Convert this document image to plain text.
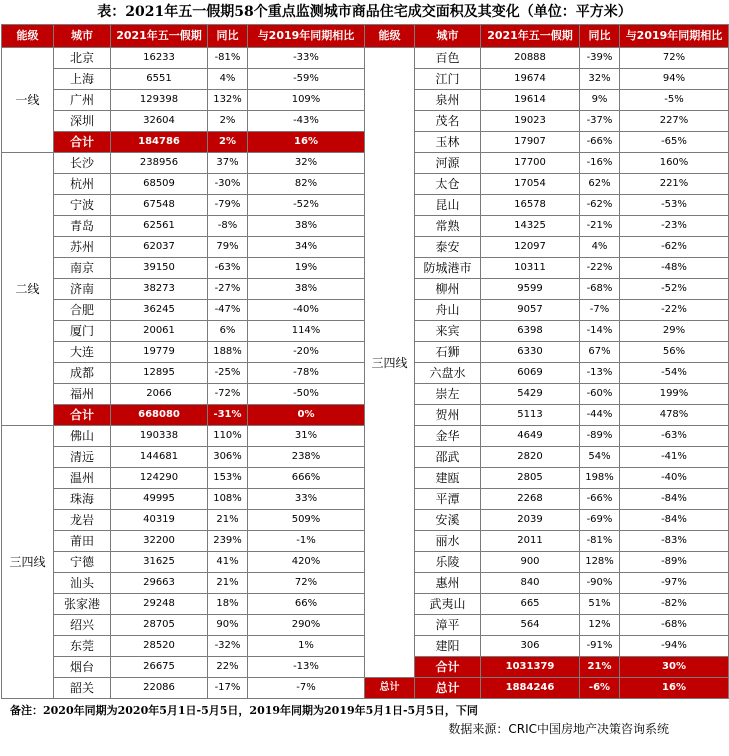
表：2021年五一假期58个重点监测城市商品住宅成交面积及其变化（单位：平方米）
能级	城市	2021年五一假期	同比	与2019年同期相比	能级	城市	2021年五一假期	同比	与2019年同期相比
一线	北京	16233	-81%	-33%	三四线	百色	20888	-39%	72%
	上海	6551	4%	-59%		江门	19674	32%	94%
	广州	129398	132%	109%		泉州	19614	9%	-5%
	深圳	32604	2%	-43%		茂名	19023	-37%	227%
	合计	184786	2%	16%		玉林	17907	-66%	-65%
二线	长沙	238956	37%	32%		河源	17700	-16%	160%
	杭州	68509	-30%	82%		太仓	17054	62%	221%
	宁波	67548	-79%	-52%		昆山	16578	-62%	-53%
	青岛	62561	-8%	38%		常熟	14325	-21%	-23%
	苏州	62037	79%	34%		泰安	12097	4%	-62%
	南京	39150	-63%	19%		防城港市	10311	-22%	-48%
	济南	38273	-27%	38%		柳州	9599	-68%	-52%
	合肥	36245	-47%	-40%		舟山	9057	-7%	-22%
	厦门	20061	6%	114%		来宾	6398	-14%	29%
	大连	19779	188%	-20%		石狮	6330	67%	56%
	成都	12895	-25%	-78%		六盘水	6069	-13%	-54%
	福州	2066	-72%	-50%		崇左	5429	-60%	199%
	合计	668080	-31%	0%		贺州	5113	-44%	478%
三四线	佛山	190338	110%	31%		金华	4649	-89%	-63%
	清远	144681	306%	238%		邵武	2820	54%	-41%
	温州	124290	153%	666%		建瓯	2805	198%	-40%
	珠海	49995	108%	33%		平潭	2268	-66%	-84%
	龙岩	40319	21%	509%		安溪	2039	-69%	-84%
	莆田	32200	239%	-1%		丽水	2011	-81%	-83%
	宁德	31625	41%	420%		乐陵	900	128%	-89%
	汕头	29663	21%	72%		惠州	840	-90%	-97%
	张家港	29248	18%	66%		武夷山	665	51%	-82%
	绍兴	28705	90%	290%		漳平	564	12%	-68%
	东莞	28520	-32%	1%		建阳	306	-91%	-94%
	烟台	26675	22%	-13%		合计	1031379	21%	30%
	韶关	22086	-17%	-7%	总计	总计	1884246	-6%	16%
备注：2020年同期为2020年5月1日-5月5日，2019年同期为2019年5月1日-5月5日，下同
数据来源：CRIC中国房地产决策咨询系统
